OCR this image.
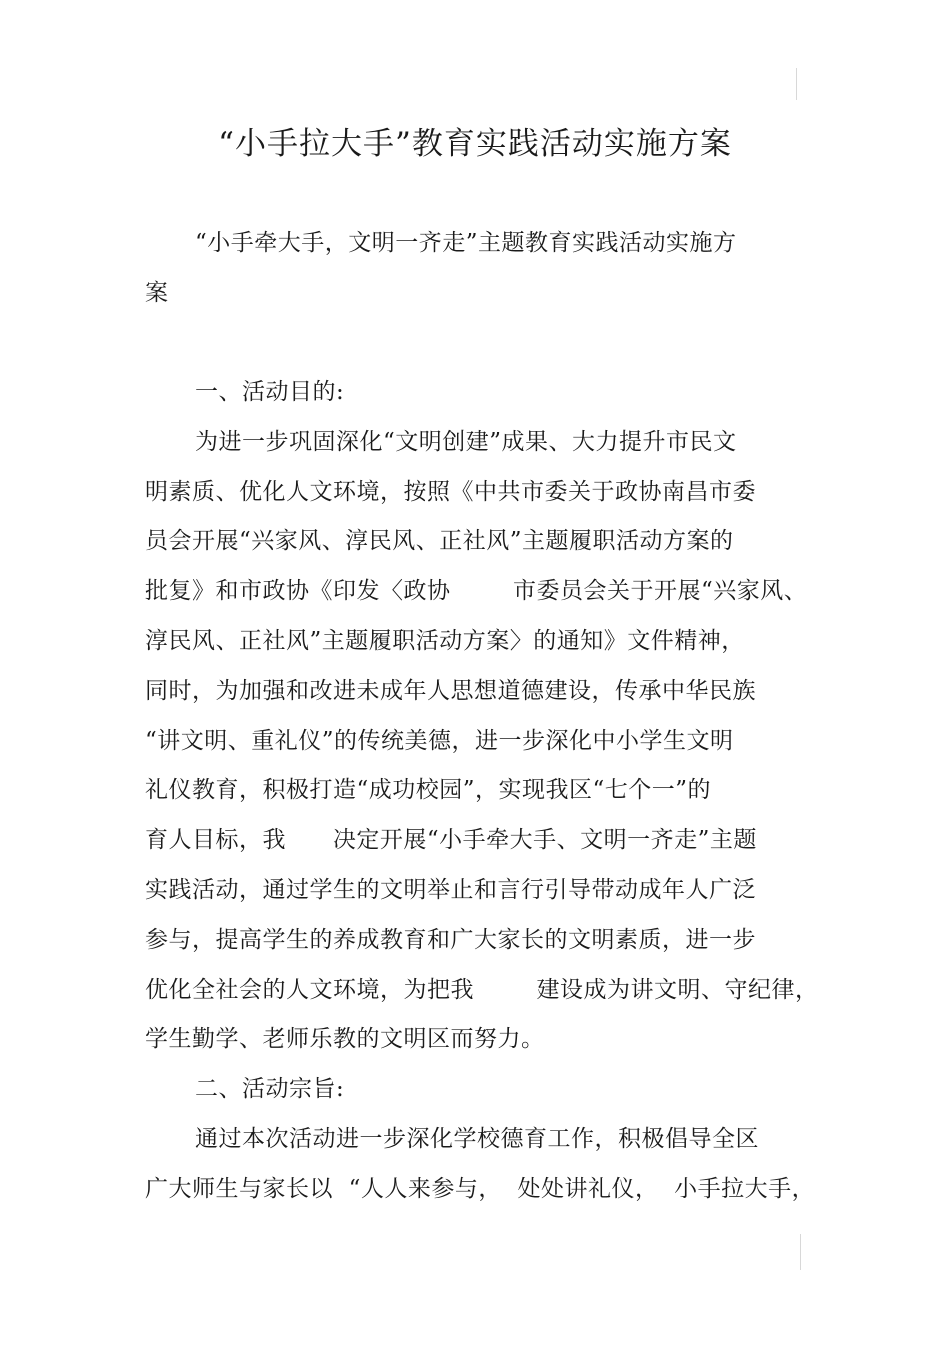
“小手拉大手”教育实践活动实施方案
“小手牵大手，文明一齐走”主题教育实践活动实施方
案
一、活动目的:
为进一步巩固深化“文明创建”成果、大力提升市民文
明素质、优化人文环境，按照《中共市委关于政协南昌市委
员会开展“兴家风、淳民风、正社风”主题履职活动方案的
批复》和市政协《印发〈政协        市委员会关于开展“兴家风、
淳民风、正社风”主题履职活动方案〉的通知》文件精神，
同时，为加强和改进未成年人思想道德建设，传承中华民族
“讲文明、重礼仪”的传统美德，进一步深化中小学生文明
礼仪教育，积极打造“成功校园”，实现我区“七个一”的
育人目标，我      决定开展“小手牵大手、文明一齐走”主题
实践活动，通过学生的文明举止和言行引导带动成年人广泛
参与，提高学生的养成教育和广大家长的文明素质，进一步
优化全社会的人文环境，为把我        建设成为讲文明、守纪律，
学生勤学、老师乐教的文明区而努力。
二、活动宗旨:
通过本次活动进一步深化学校德育工作，积极倡导全区
广大师生与家长以  “人人来参与，  处处讲礼仪，  小手拉大手，
